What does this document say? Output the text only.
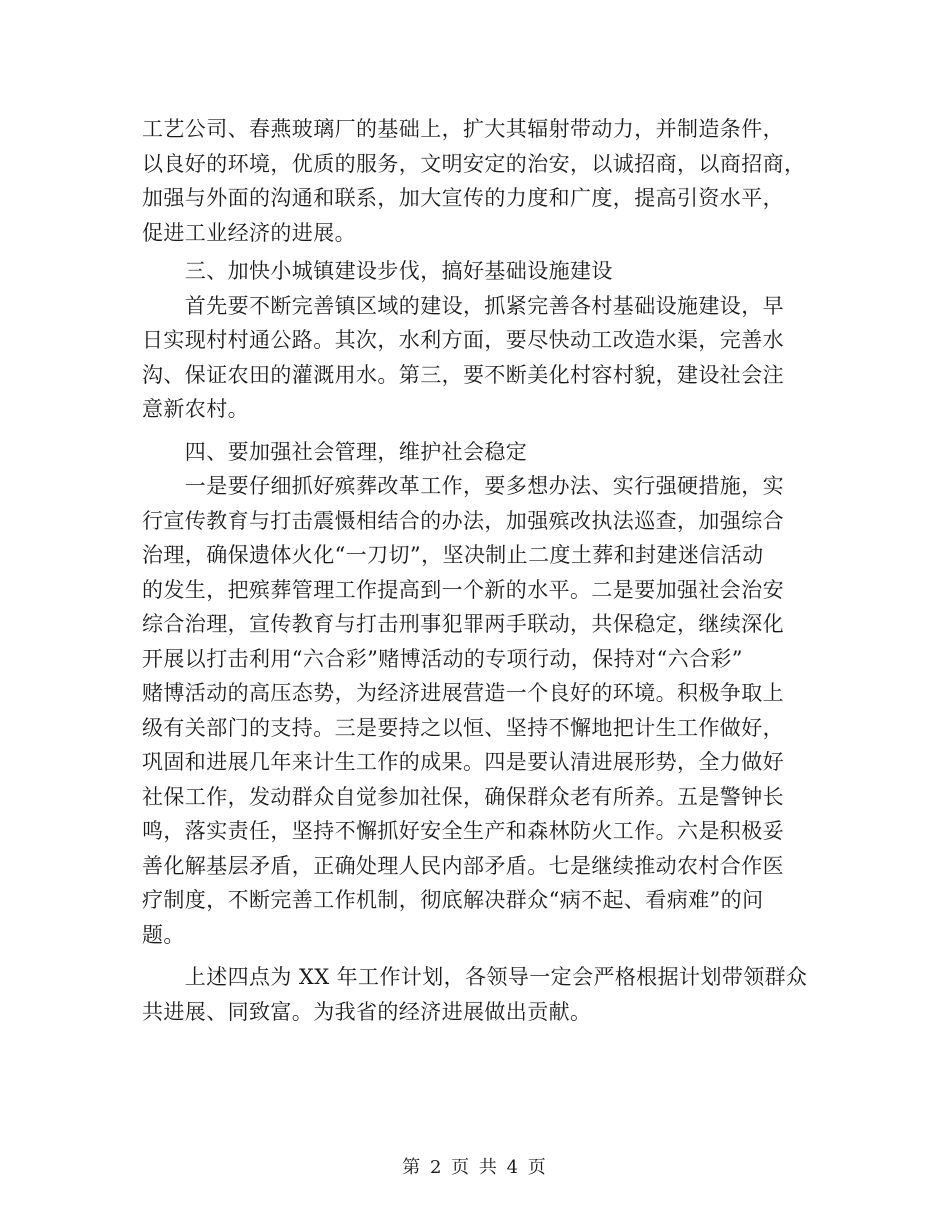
工艺公司、春燕玻璃厂的基础上，扩大其辐射带动力，并制造条件，
以良好的环境，优质的服务，文明安定的治安，以诚招商，以商招商，
加强与外面的沟通和联系，加大宣传的力度和广度，提高引资水平，
促进工业经济的进展。
　　三、加快小城镇建设步伐，搞好基础设施建设
　　首先要不断完善镇区域的建设，抓紧完善各村基础设施建设，早
日实现村村通公路。其次，水利方面，要尽快动工改造水渠，完善水
沟、保证农田的灌溉用水。第三，要不断美化村容村貌，建设社会注
意新农村。
　　四、要加强社会管理，维护社会稳定
　　一是要仔细抓好殡葬改革工作，要多想办法、实行强硬措施，实
行宣传教育与打击震慑相结合的办法，加强殡改执法巡查，加强综合
治理，确保遗体火化“一刀切”，坚决制止二度土葬和封建迷信活动
的发生，把殡葬管理工作提高到一个新的水平。二是要加强社会治安
综合治理，宣传教育与打击刑事犯罪两手联动，共保稳定，继续深化
开展以打击利用“六合彩”赌博活动的专项行动，保持对“六合彩”
赌博活动的高压态势，为经济进展营造一个良好的环境。积极争取上
级有关部门的支持。三是要持之以恒、坚持不懈地把计生工作做好，
巩固和进展几年来计生工作的成果。四是要认清进展形势，全力做好
社保工作，发动群众自觉参加社保，确保群众老有所养。五是警钟长
鸣，落实责任，坚持不懈抓好安全生产和森林防火工作。六是积极妥
善化解基层矛盾，正确处理人民内部矛盾。七是继续推动农村合作医
疗制度，不断完善工作机制，彻底解决群众“病不起、看病难”的问
题。
　　上述四点为 XX 年工作计划，各领导一定会严格根据计划带领群众
共进展、同致富。为我省的经济进展做出贡献。
第 2 页 共 4 页
